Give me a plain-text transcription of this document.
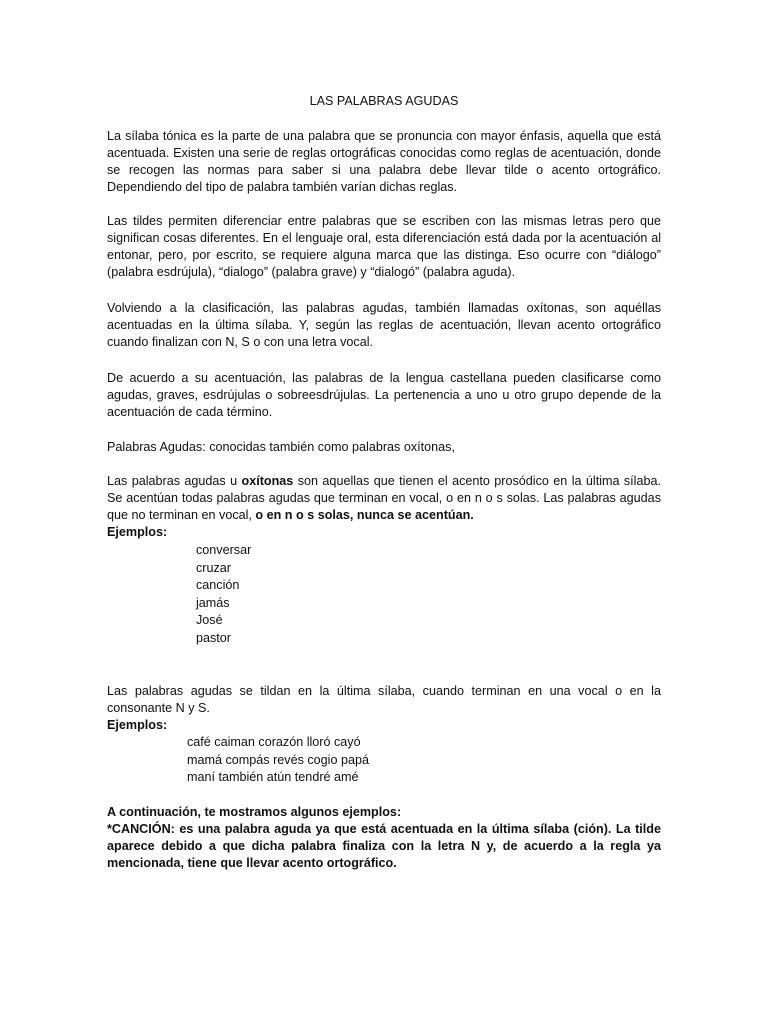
LAS PALABRAS AGUDAS

La sílaba tónica es la parte de una palabra que se pronuncia con mayor énfasis, aquella que está acentuada. Existen una serie de reglas ortográficas conocidas como reglas de acentuación, donde se recogen las normas para saber si una palabra debe llevar tilde o acento ortográfico. Dependiendo del tipo de palabra también varían dichas reglas.

Las tildes permiten diferenciar entre palabras que se escriben con las mismas letras pero que significan cosas diferentes. En el lenguaje oral, esta diferenciación está dada por la acentuación al entonar, pero, por escrito, se requiere alguna marca que las distinga. Eso ocurre con “diálogo” (palabra esdrújula), “dialogo” (palabra grave) y “dialogó” (palabra aguda).

Volviendo a la clasificación, las palabras agudas, también llamadas oxítonas, son aquéllas acentuadas en la última sílaba. Y, según las reglas de acentuación, llevan acento ortográfico cuando finalizan con N, S o con una letra vocal.

De acuerdo a su acentuación, las palabras de la lengua castellana pueden clasificarse como agudas, graves, esdrújulas o sobreesdrújulas. La pertenencia a uno u otro grupo depende de la acentuación de cada término.

Palabras Agudas: conocidas también como palabras oxítonas,

Las palabras agudas u oxítonas son aquellas que tienen el acento prosódico en la última sílaba. Se acentúan todas palabras agudas que terminan en vocal, o en n o s solas. Las palabras agudas que no terminan en vocal, o en n o s solas, nunca se acentúan.

Ejemplos:

conversar
cruzar
canción
jamás
José
pastor

Las palabras agudas se tildan en la última sílaba, cuando terminan en una vocal o en la consonante N y S.

Ejemplos:

café caiman corazón lloró cayó
mamá compás revés cogio papá
maní también atún tendré amé

A continuación, te mostramos algunos ejemplos:

*CANCIÓN: es una palabra aguda ya que está acentuada en la última sílaba (ción). La tilde aparece debido a que dicha palabra finaliza con la letra N y, de acuerdo a la regla ya mencionada, tiene que llevar acento ortográfico.
